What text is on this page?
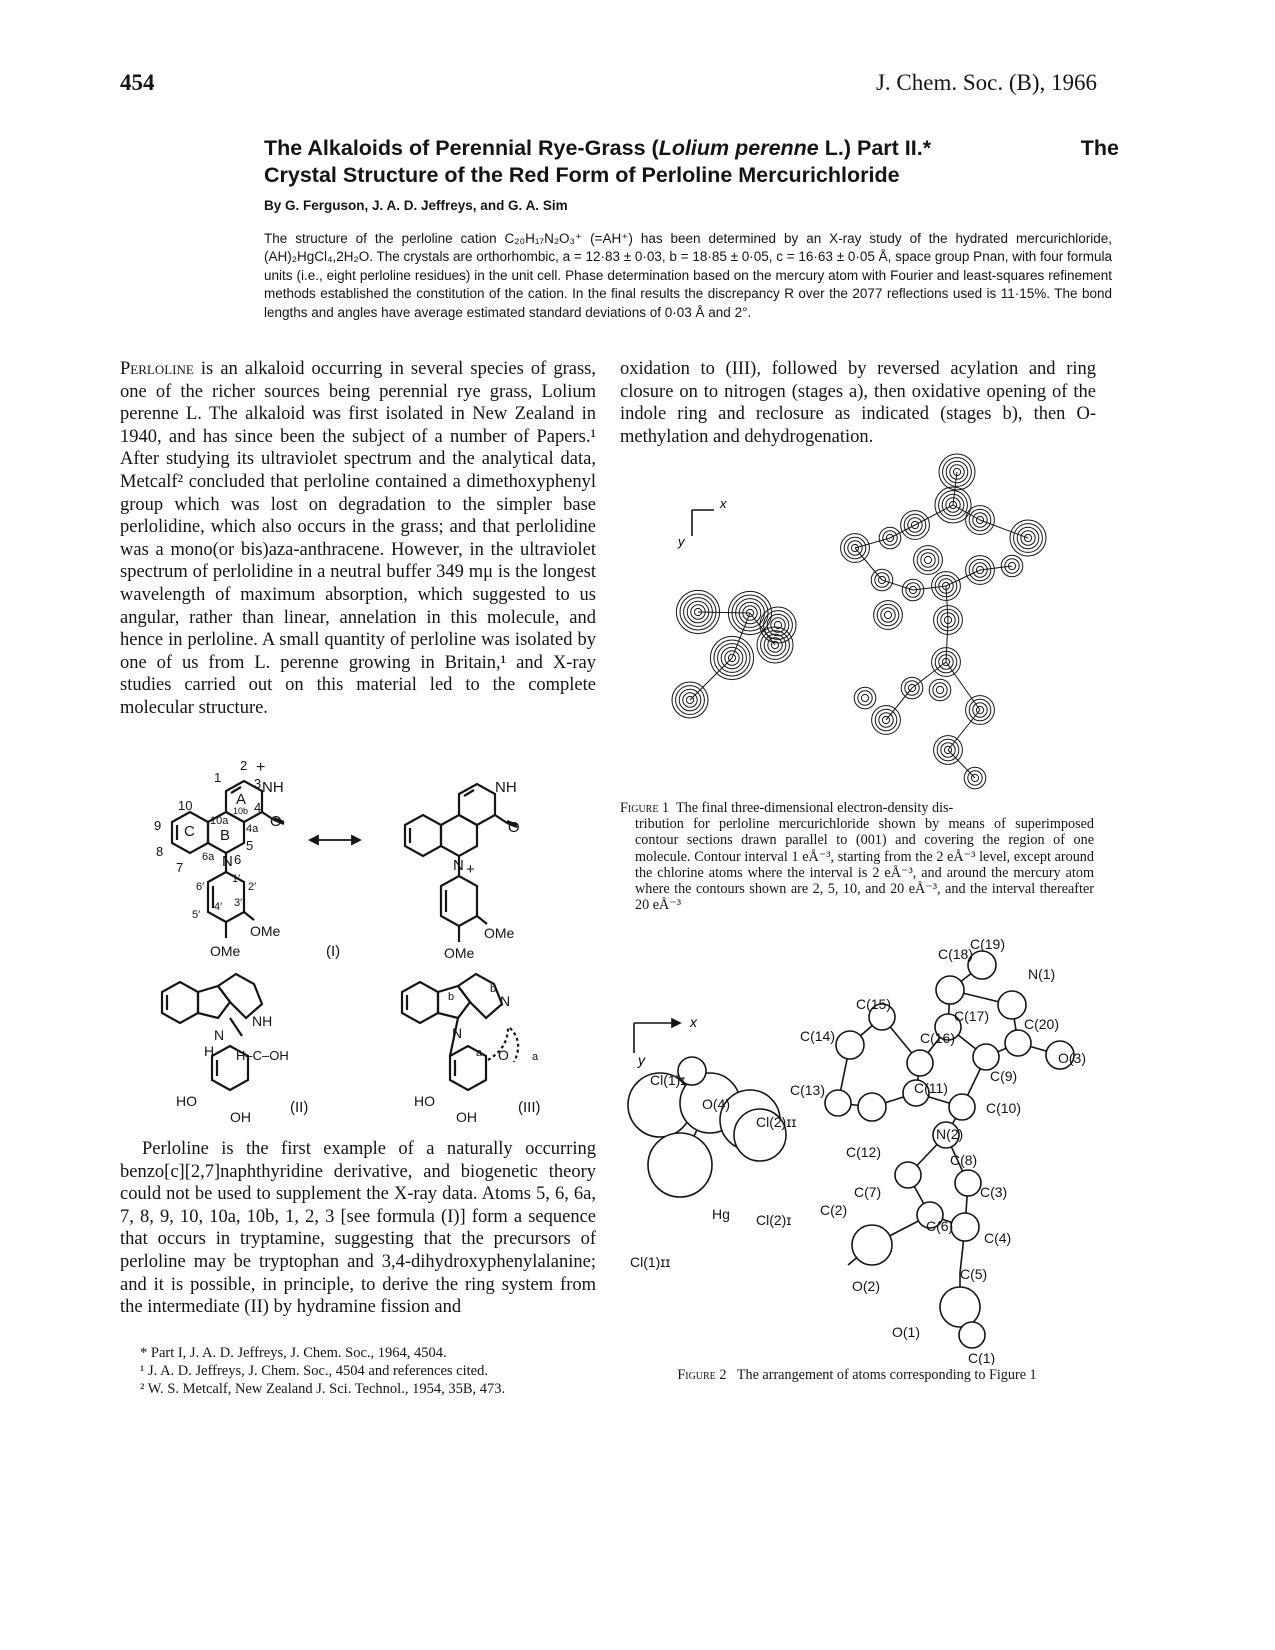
454	J. Chem. Soc. (B), 1966
The
The Alkaloids of Perennial Rye-Grass (Lolium perenne L.) Part II.*
Crystal Structure of the Red Form of Perloline Mercurichloride
By G. Ferguson, J. A. D. Jeffreys, and G. A. Sim
The structure of the perloline cation C₂₀H₁₇N₂O₃⁺ (=AH⁺) has been determined by an X-ray study of the hydrated mercurichloride, (AH)₂HgCl₄,2H₂O. The crystals are orthorhombic, a = 12·83 ± 0·03, b = 18·85 ± 0·05, c = 16·63 ± 0·05 Å, space group Pnan, with four formula units (i.e., eight perloline residues) in the unit cell. Phase determination based on the mercury atom with Fourier and least-squares refinement methods established the constitution of the cation. In the final results the discrepancy R over the 2077 reflections used is 11·15%. The bond lengths and angles have average estimated standard deviations of 0·03 Å and 2°.

Perloline is an alkaloid occurring in several species of grass, one of the richer sources being perennial rye grass, Lolium perenne L. The alkaloid was first isolated in New Zealand in 1940, and has since been the subject of a number of Papers.¹ After studying its ultraviolet spectrum and the analytical data, Metcalf² concluded that perloline contained a dimethoxyphenyl group which was lost on degradation to the simpler base perlolidine, which also occurs in the grass; and that perlolidine was a mono(or bis)aza-anthracene. However, in the ultraviolet spectrum of perlolidine in a neutral buffer 349 mμ is the longest wavelength of maximum absorption, which suggested to us angular, rather than linear, annelation in this molecule, and hence in perloline. A small quantity of perloline was isolated by one of us from L. perenne growing in Britain,¹ and X-ray studies carried out on this material led to the complete molecular structure.

oxidation to (III), followed by reversed acylation and ring closure on to nitrogen (stages a), then oxidative opening of the indole ring and reclosure as indicated (stages b), then O-methylation and dehydrogenation.

Perloline is the first example of a naturally occurring benzo[c][2,7]naphthyridine derivative, and biogenetic theory could not be used to supplement the X-ray data. Atoms 5, 6, 6a, 7, 8, 9, 10, 10a, 10b, 1, 2, 3 [see formula (I)] form a sequence that occurs in tryptamine, suggesting that the precursors of perloline may be tryptophan and 3,4-dihydroxyphenylalanine; and it is possible, in principle, to derive the ring system from the intermediate (II) by hydramine fission and

* Part I, J. A. D. Jeffreys, J. Chem. Soc., 1964, 4504.
¹ J. A. D. Jeffreys, J. Chem. Soc., 4504 and references cited.
² W. S. Metcalf, New Zealand J. Sci. Technol., 1954, 35B, 473.
2
1
+
3 NH
A
10b 4
O
10
10a
4a
9 C B
5
8	6a N 6
7
1′
6′	2′
3′
4′
5′
OMe
OMe	(I)
NH
O
N +
OMe
OMe
NH
N
H H–C–OH
HO
OH
(II)
N
N
O
b
b
a	a
HO
OH
(III)
x
y
Figure 1 The final three-dimensional electron-density dis-
tribution for perloline mercurichloride shown by means of superimposed contour sections drawn parallel to (001) and covering the region of one molecule. Contour interval 1 eÅ⁻³, starting from the 2 eÅ⁻³ level, except around the chlorine atoms where the interval is 2 eÅ⁻³, and around the mercury atom where the contours shown are 2, 5, 10, and 20 eÅ⁻³, and the interval thereafter 20 eÅ⁻³
x
y
C(18)
C(19)
N(1)
C(15)
C(17) C(20)
C(14)	C(16)
O(3)
C(9)
C(13)	C(11)
C(10)
Cl(1)ɪ
O(4)
Cl(2)ɪɪ
N(2)
C(12)	C(8)
C(7)	C(3)
C(2)
Hg Cl(2)ɪ	C(6)
C(4)
Cl(1)ɪɪ
C(5)
O(2)
O(1)
C(1)
Figure 2 The arrangement of atoms corresponding to Figure 1
